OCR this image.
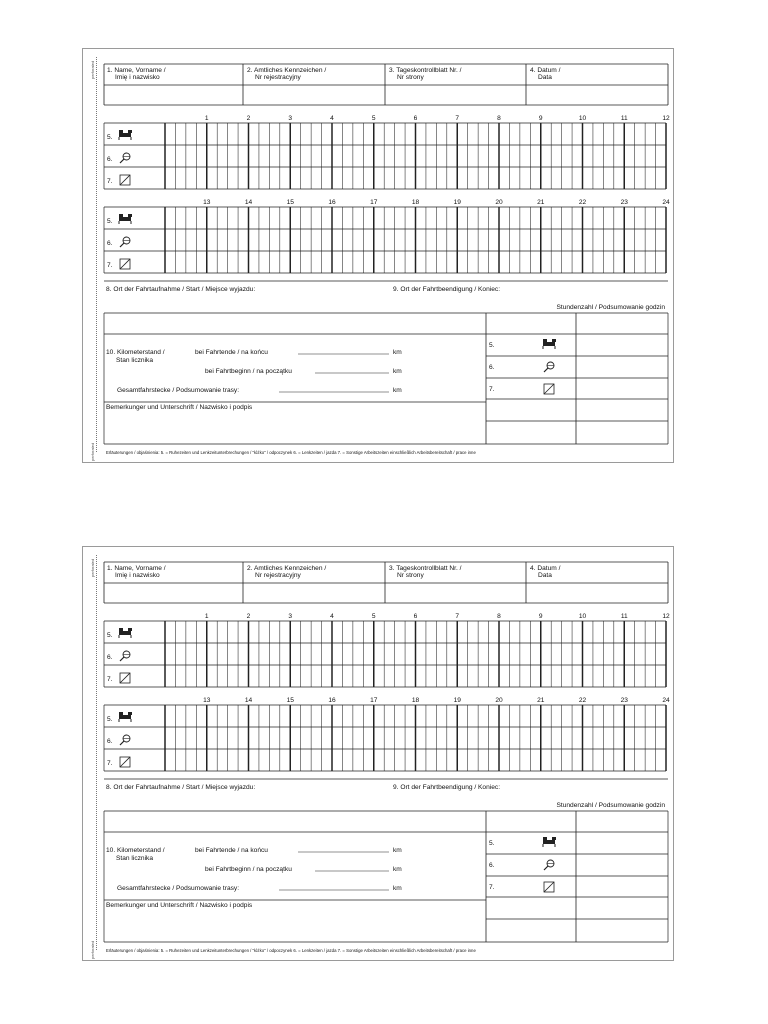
perforated
perforated
1. Name, Vorname /
Imię i nazwisko
2. Amtliches Kennzeichen /
Nr rejestracyjny
3. Tageskontrollblatt Nr. /
Nr strony
4. Datum /
Data
1	2	3	4	5	6	7	8	9	10	11	12
5.
6.
7.
13	14	15	16	17	18	19	20	21	22	23	24
5.
6.
7.
8. Ort der Fahrtaufnahme / Start / Miejsce wyjazdu:	9. Ort der Fahrtbeendigung / Koniec:
Stundenzahl / Podsumowanie godzin
5.
6.
7.
10. Kilometerstand /
Stan licznika
bei Fahrtende / na końcu	km
bei Fahrtbeginn / na początku	km
Gesamtfahrstecke / Podsumowanie trasy:	km
Bemerkunger und Unterschrift / Nazwisko i podpis
Erläuterungen / objaśnienia: 5. = Ruhezeiten und Lenkzeitunterbrechungen / "łóżko" / odpoczynek 6. = Lenkzeiten / jazda 7. = Sonstige Arbeitszeiten einschließlich Arbeitsbereitschaft / prace inne
perforated
perforated
1. Name, Vorname /
Imię i nazwisko
2. Amtliches Kennzeichen /
Nr rejestracyjny
3. Tageskontrollblatt Nr. /
Nr strony
4. Datum /
Data
1	2	3	4	5	6	7	8	9	10	11	12
5.
6.
7.
13	14	15	16	17	18	19	20	21	22	23	24
5.
6.
7.
8. Ort der Fahrtaufnahme / Start / Miejsce wyjazdu:	9. Ort der Fahrtbeendigung / Koniec:
Stundenzahl / Podsumowanie godzin
5.
6.
7.
10. Kilometerstand /
Stan licznika
bei Fahrtende / na końcu	km
bei Fahrtbeginn / na początku	km
Gesamtfahrstecke / Podsumowanie trasy:	km
Bemerkunger und Unterschrift / Nazwisko i podpis
Erläuterungen / objaśnienia: 5. = Ruhezeiten und Lenkzeitunterbrechungen / "łóżko" / odpoczynek 6. = Lenkzeiten / jazda 7. = Sonstige Arbeitszeiten einschließlich Arbeitsbereitschaft / prace inne
